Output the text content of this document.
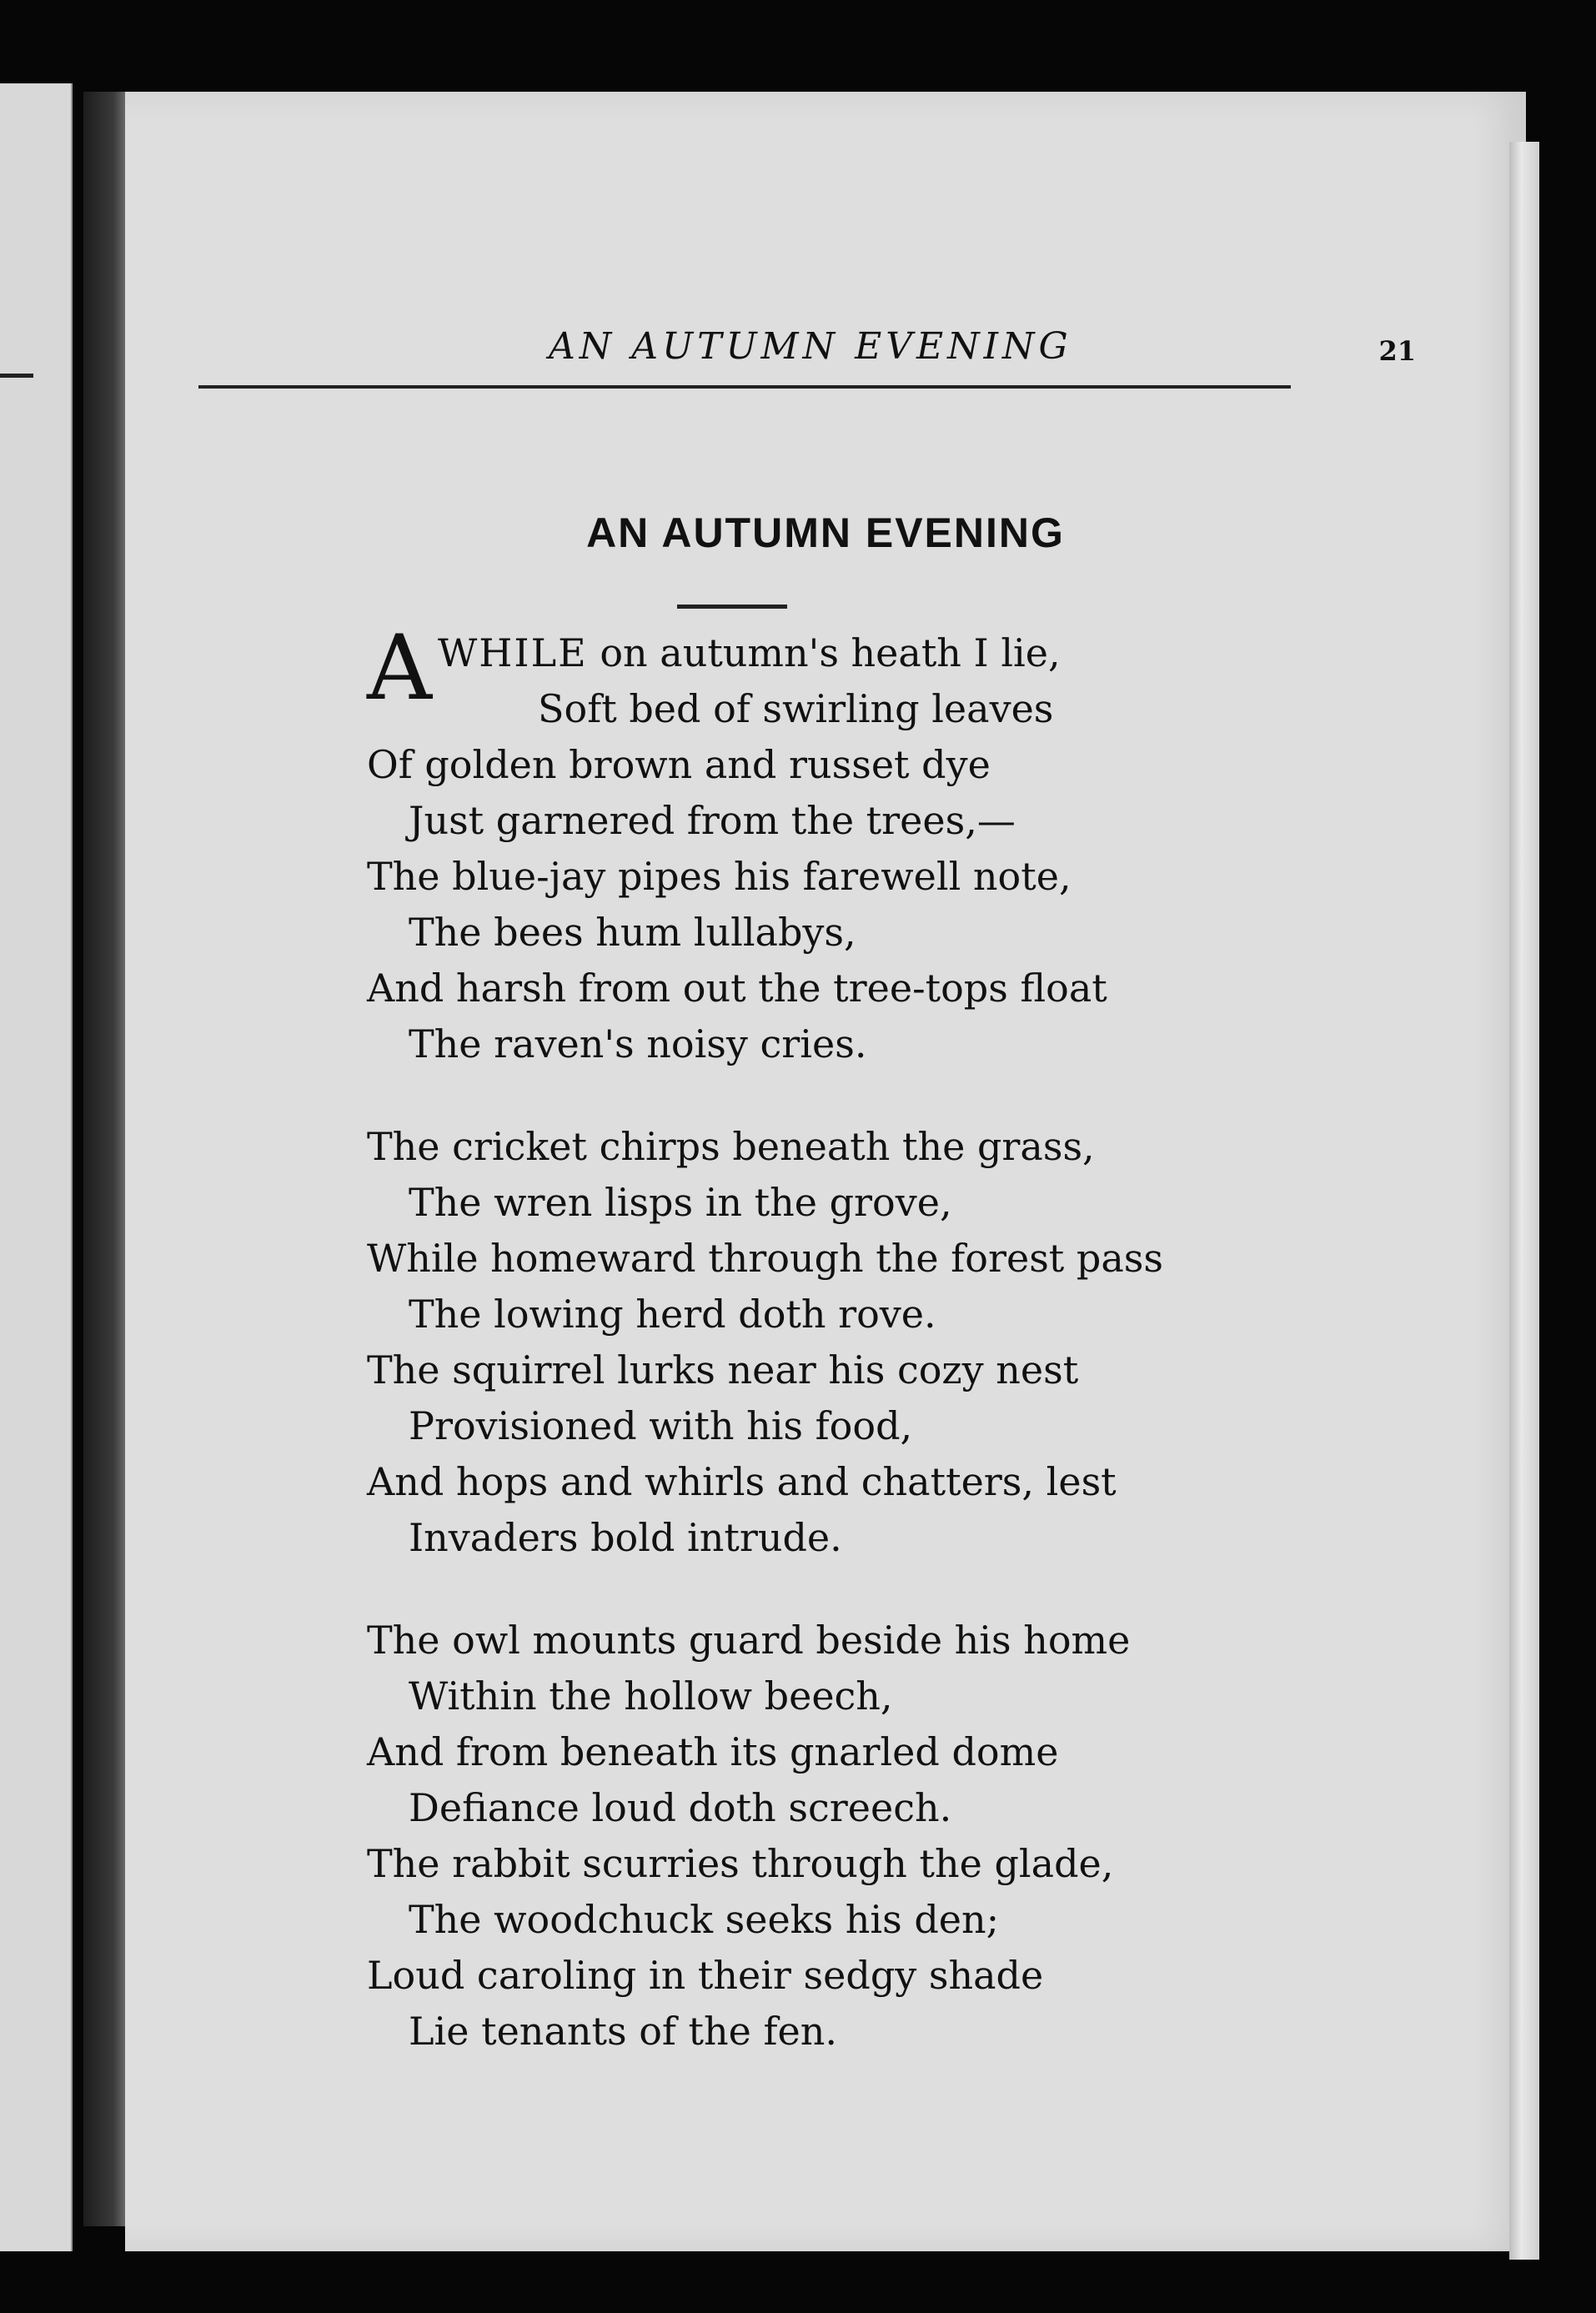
AN AUTUMN EVENING	21
AN AUTUMN EVENING
A WHILE on autumn's heath I lie,
Soft bed of swirling leaves
Of golden brown and russet dye
Just garnered from the trees,—
The blue-jay pipes his farewell note,
The bees hum lullabys,
And harsh from out the tree-tops float
The raven's noisy cries.
The cricket chirps beneath the grass,
The wren lisps in the grove,
While homeward through the forest pass
The lowing herd doth rove.
The squirrel lurks near his cozy nest
Provisioned with his food,
And hops and whirls and chatters, lest
Invaders bold intrude.
The owl mounts guard beside his home
Within the hollow beech,
And from beneath its gnarled dome
Defiance loud doth screech.
The rabbit scurries through the glade,
The woodchuck seeks his den;
Loud caroling in their sedgy shade
Lie tenants of the fen.
